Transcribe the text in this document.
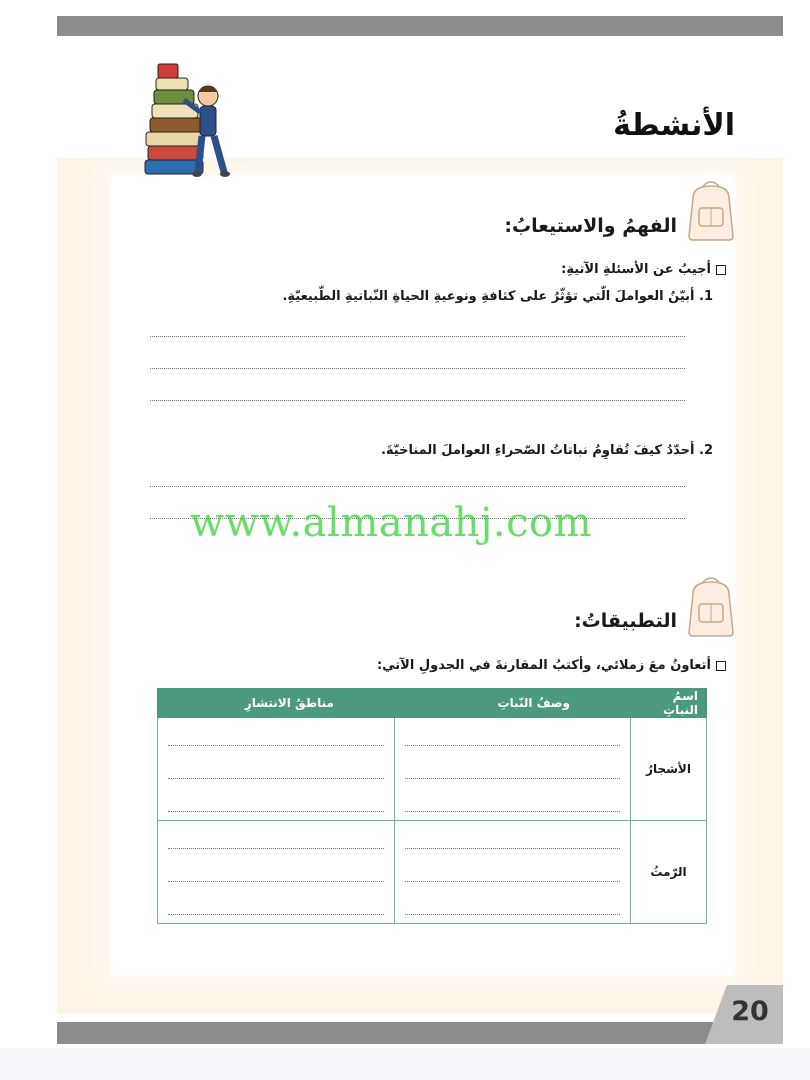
الأنشطةُ
الفهمُ والاستيعابُ:
أجيبُ عن الأسئلةِ الآتيةِ:
1. أبيّنُ العواملَ الّتي تؤثّرُ على كثافةِ ونوعيةِ الحياةِ النّباتيةِ الطّبيعيّةِ.
2. أحدّدُ كيفَ تُقاوِمُ نباتاتُ الصّحراءِ العواملَ المناخيّةَ.
www.almanahj.com
التطبيقاتُ:
أتعاونُ معَ زملائي، وأكتبُ المقارنةَ في الجدولِ الآتي:
اسمُ النباتِ	وصفُ النّباتِ	مناطقُ الانتشارِ
الأشجارُ	

الرّمثُ	

20
